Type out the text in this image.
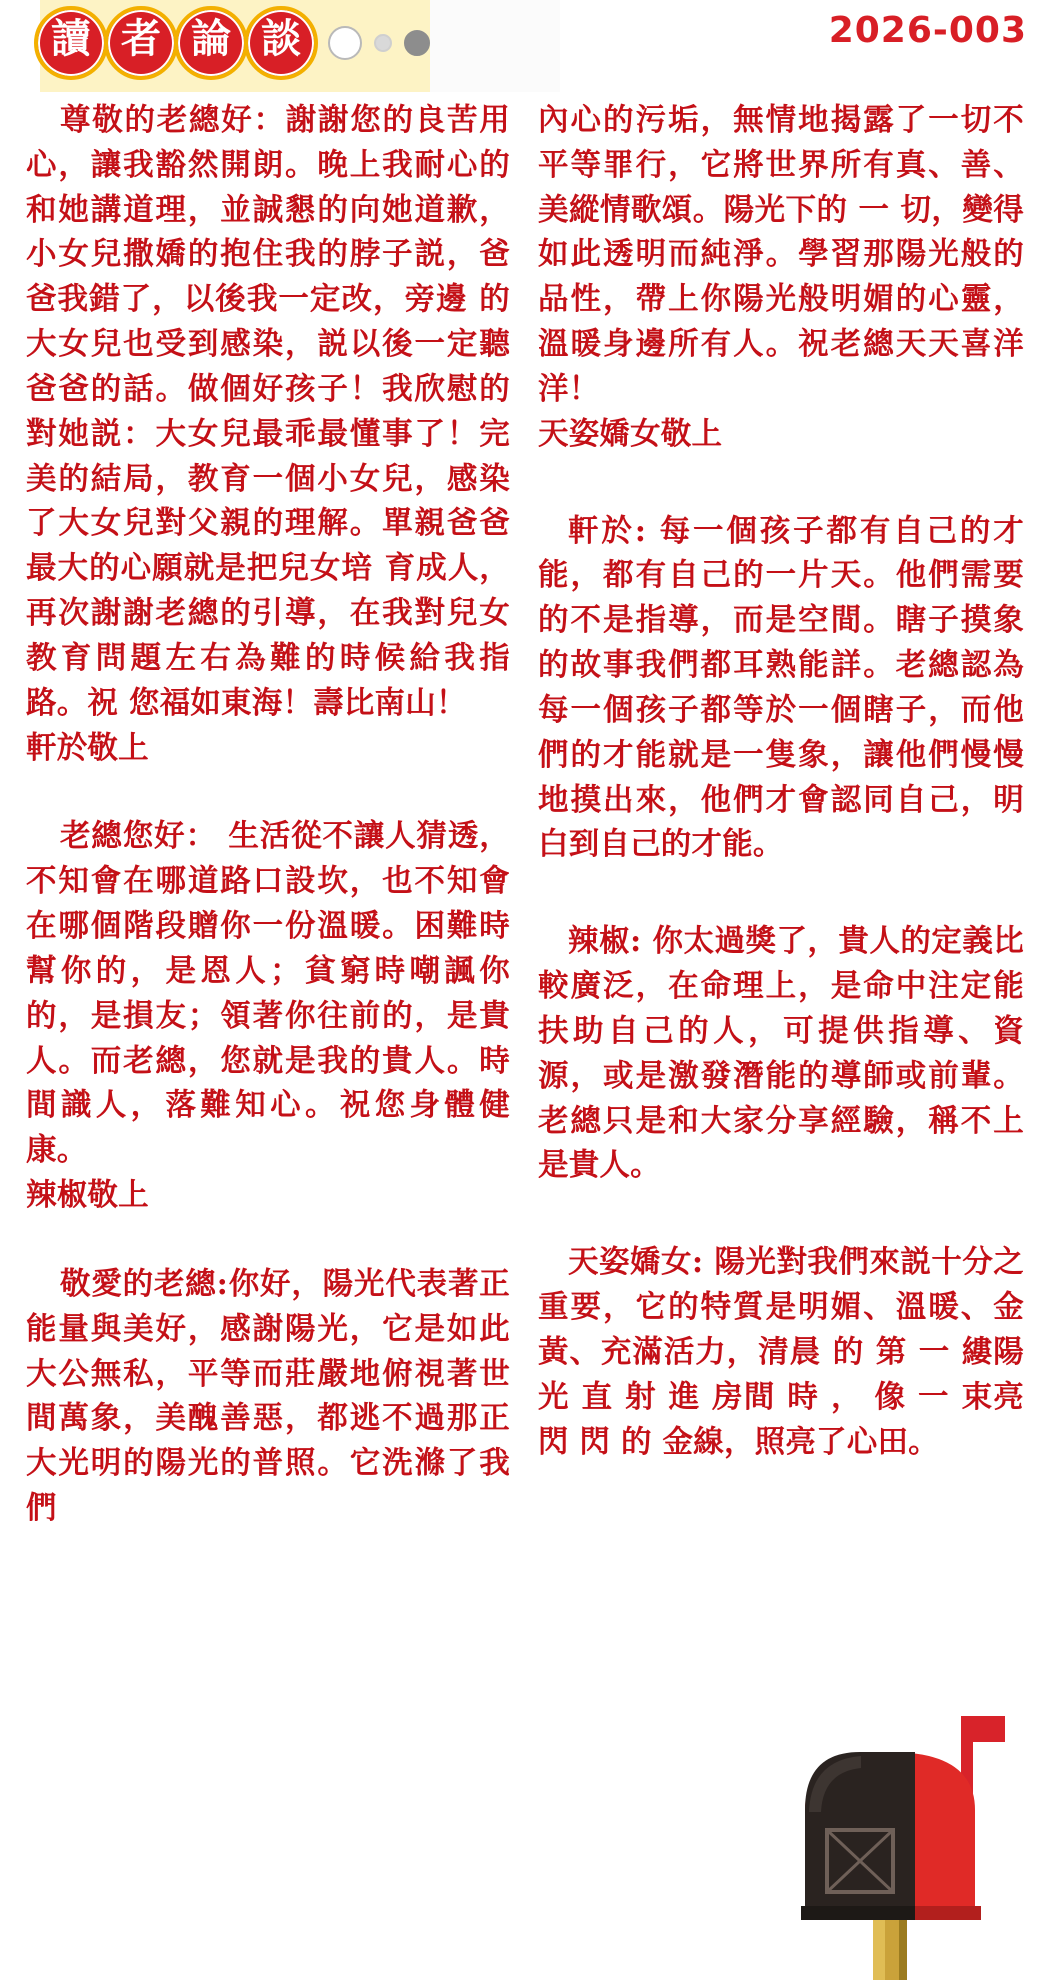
讀 者 論 談	2026-003

尊敬的老總好：謝謝您的良苦用心，讓我豁然開朗。晚上我耐心的和她講道理，並誠懇的向她道歉，小女兒撒嬌的抱住我的脖子説，爸爸我錯了，以後我一定改，旁邊 的大女兒也受到感染，説以後一定聽爸爸的話。做個好孩子！我欣慰的對她説：大女兒最乖最懂事了！完美的結局，教育一個小女兒，感染了大女兒對父親的理解。單親爸爸最大的心願就是把兒女培 育成人，再次謝謝老總的引導，在我對兒女教育問題左右為難的時候給我指路。祝 您福如東海！壽比南山！

軒於敬上

老總您好： 生活從不讓人猜透，不知會在哪道路口設坎，也不知會在哪個階段贈你一份溫暖。困難時幫你的，是恩人；貧窮時嘲諷你的，是損友；領著你往前的，是貴人。而老總，您就是我的貴人。時間識人，落難知心。祝您身體健康。

辣椒敬上

敬愛的老總:你好，陽光代表著正能量與美好，感謝陽光，它是如此大公無私，平等而莊嚴地俯視著世間萬象，美醜善惡，都逃不過那正大光明的陽光的普照。它洗滌了我們

內心的污垢，無情地揭露了一切不平等罪行，它將世界所有真、善、美縱情歌頌。陽光下的 一 切，變得如此透明而純淨。學習那陽光般的品性，帶上你陽光般明媚的心靈，溫暖身邊所有人。祝老總天天喜洋洋！

天姿嬌女敬上

軒於: 每一個孩子都有自己的才能，都有自己的一片天。他們需要的不是指導，而是空間。瞎子摸象的故事我們都耳熟能詳。老總認為每一個孩子都等於一個瞎子，而他們的才能就是一隻象，讓他們慢慢地摸出來，他們才會認同自己，明白到自己的才能。

辣椒: 你太過獎了，貴人的定義比較廣泛，在命理上，是命中注定能扶助自己的人，可提供指導、資源，或是激發潛能的導師或前輩。老總只是和大家分享經驗，稱不上是貴人。

天姿嬌女: 陽光對我們來説十分之重要，它的特質是明媚、溫暖、金黃、充滿活力，清晨 的 第 一 縷陽光 直 射 進 房間 時 ， 像 一 束亮 閃 閃 的 金線，照亮了心田。
